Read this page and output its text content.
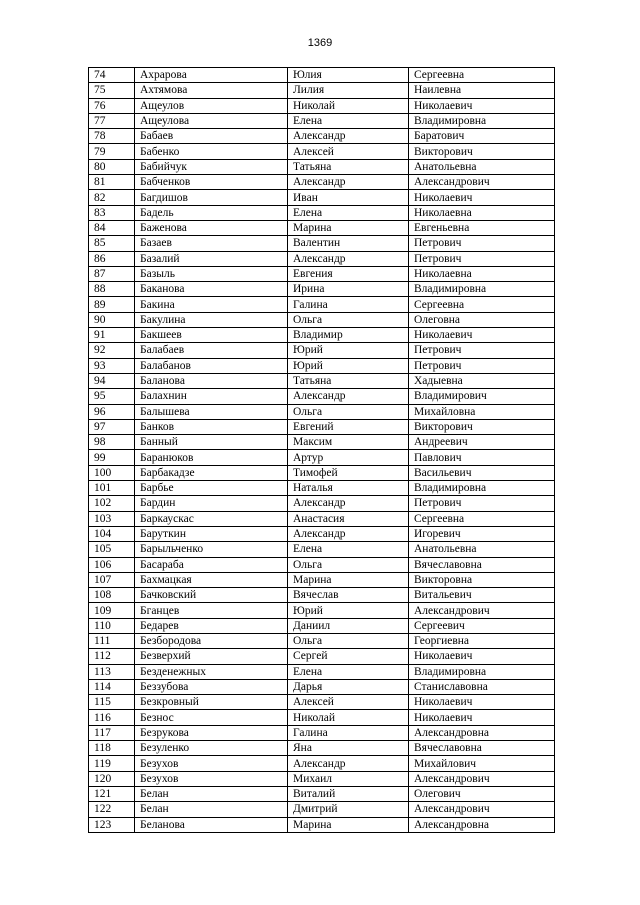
1369
74	Ахрарова	Юлия	Сергеевна
75	Ахтямова	Лилия	Наилевна
76	Ащеулов	Николай	Николаевич
77	Ащеулова	Елена	Владимировна
78	Бабаев	Александр	Баратович
79	Бабенко	Алексей	Викторович
80	Бабийчук	Татьяна	Анатольевна
81	Бабченков	Александр	Александрович
82	Багдишов	Иван	Николаевич
83	Бадель	Елена	Николаевна
84	Баженова	Марина	Евгеньевна
85	Базаев	Валентин	Петрович
86	Базалий	Александр	Петрович
87	Базыль	Евгения	Николаевна
88	Баканова	Ирина	Владимировна
89	Бакина	Галина	Сергеевна
90	Бакулина	Ольга	Олеговна
91	Бакшеев	Владимир	Николаевич
92	Балабаев	Юрий	Петрович
93	Балабанов	Юрий	Петрович
94	Баланова	Татьяна	Хадыевна
95	Балахнин	Александр	Владимирович
96	Балышева	Ольга	Михайловна
97	Банков	Евгений	Викторович
98	Банный	Максим	Андреевич
99	Баранюков	Артур	Павлович
100	Барбакадзе	Тимофей	Васильевич
101	Барбье	Наталья	Владимировна
102	Бардин	Александр	Петрович
103	Баркаускас	Анастасия	Сергеевна
104	Баруткин	Александр	Игоревич
105	Барыльченко	Елена	Анатольевна
106	Басараба	Ольга	Вячеславовна
107	Бахмацкая	Марина	Викторовна
108	Бачковский	Вячеслав	Витальевич
109	Бганцев	Юрий	Александрович
110	Бедарев	Даниил	Сергеевич
111	Безбородова	Ольга	Георгиевна
112	Безверхий	Сергей	Николаевич
113	Безденежных	Елена	Владимировна
114	Беззубова	Дарья	Станиславовна
115	Безкровный	Алексей	Николаевич
116	Безнос	Николай	Николаевич
117	Безрукова	Галина	Александровна
118	Безуленко	Яна	Вячеславовна
119	Безухов	Александр	Михайлович
120	Безухов	Михаил	Александрович
121	Белан	Виталий	Олегович
122	Белан	Дмитрий	Александрович
123	Беланова	Марина	Александровна
